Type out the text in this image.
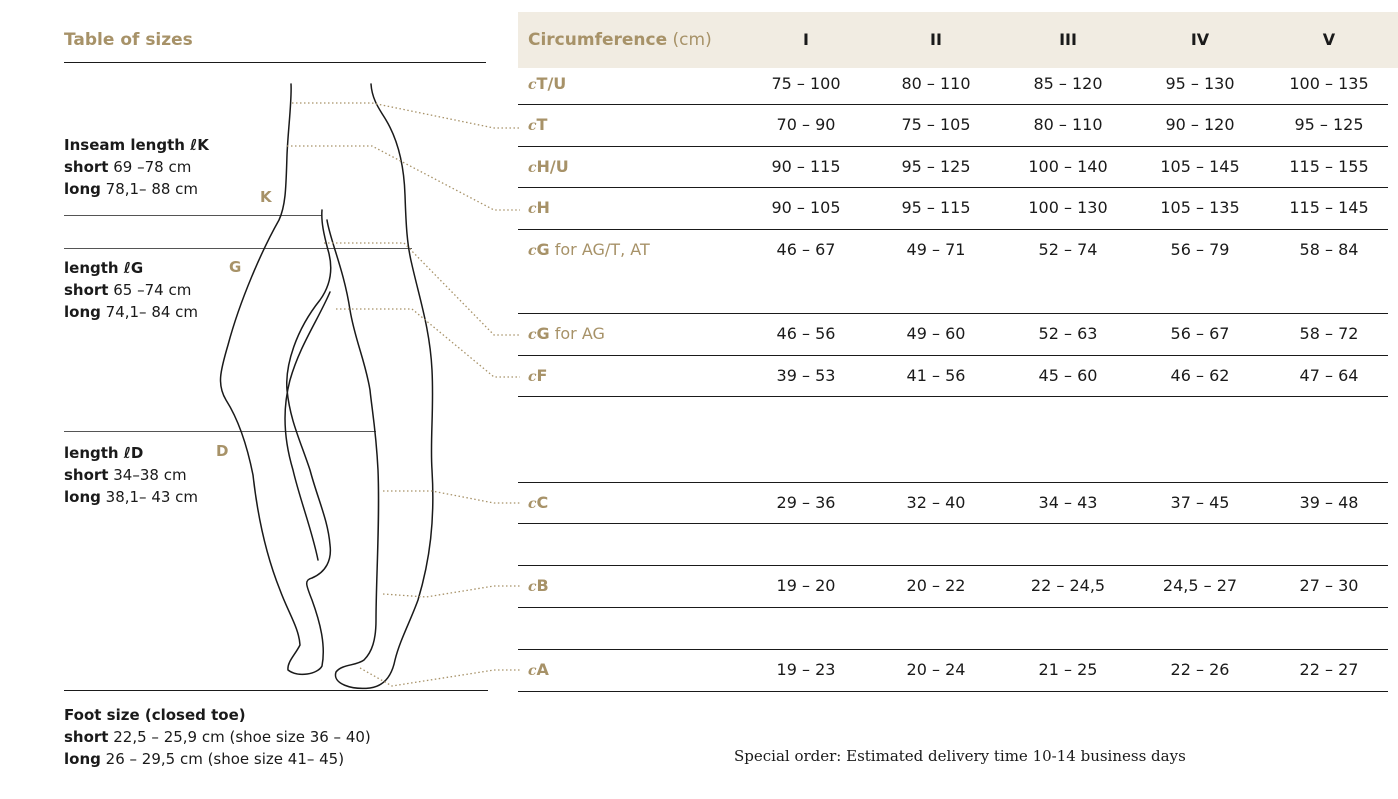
Table of sizes
Inseam length ℓK
short 69 –78 cm
long 78,1– 88 cm	K
length ℓG
short 65 –74 cm
long 74,1– 84 cm
G
length ℓD
short 34–38 cm
long 38,1– 43 cm
D
Foot size (closed toe)
short 22,5 – 25,9 cm (shoe size 36 – 40)
long 26 – 29,5 cm (shoe size 41– 45)
Circumference (cm)	I	II	III	IV	V
cT/U	75 – 100	80 – 110	85 – 120	95 – 130	100 – 135
cT	70 – 90	75 – 105	80 – 110	90 – 120	95 – 125
cH/U	90 – 115	95 – 125	100 – 140	105 – 145	115 – 155
cH	90 – 105	95 – 115	100 – 130	105 – 135	115 – 145
cG for AG/T, AT	46 – 67	49 – 71	52 – 74	56 – 79	58 – 84
cG for AG	46 – 56	49 – 60	52 – 63	56 – 67	58 – 72
cF	39 – 53	41 – 56	45 – 60	46 – 62	47 – 64
cC	29 – 36	32 – 40	34 – 43	37 – 45	39 – 48
cB	19 – 20	20 – 22	22 – 24,5	24,5 – 27	27 – 30
cA	19 – 23	20 – 24	21 – 25	22 – 26	22 – 27
Special order: Estimated delivery time 10-14 business days
